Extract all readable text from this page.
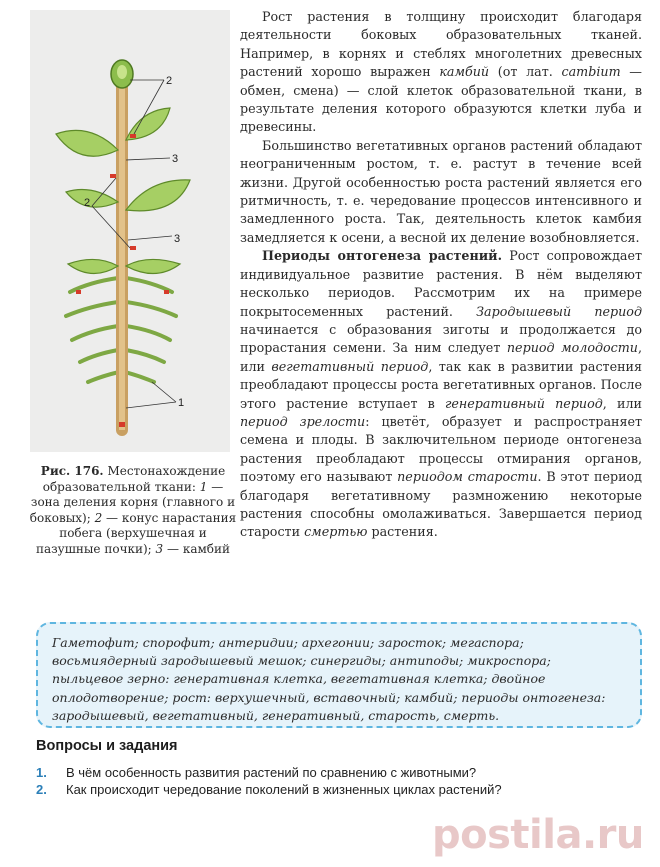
2
3
2
3
1
Рис. 176. Местонахождение образовательной ткани: 1 — зона деления корня (главного и боковых); 2 — конус нарастания побега (верхушечная и пазушные почки); 3 — камбий

Рост растения в толщину происходит благодаря деятельности боковых образовательных тканей. Например, в корнях и стеблях многолетних древесных растений хорошо выражен камбий (от лат. cambium — обмен, смена) — слой клеток образовательной ткани, в результате деления которого образуются клетки луба и древесины.

Большинство вегетативных органов растений обладают неограниченным ростом, т. е. растут в течение всей жизни. Другой особенностью роста растений является его ритмичность, т. е. чередование процессов интенсивного и замедленного роста. Так, деятельность клеток камбия замедляется к осени, а весной их деление возобновляется.

Периоды онтогенеза растений. Рост сопровождает индивидуальное развитие растения. В нём выделяют несколько периодов. Рассмотрим их на примере покрытосеменных растений. Зародышевый период начинается с образования зиготы и продолжается до прорастания семени. За ним следует период молодости, или вегетативный период, так как в развитии растения преобладают процессы роста вегетативных органов. После этого растение вступает в генеративный период, или период зрелости: цветёт, образует и распространяет семена и плоды. В заключительном периоде онтогенеза растения преобладают процессы отмирания органов, поэтому его называют периодом старости. В этот период благодаря вегетативному размножению некоторые растения способны омолаживаться. Завершается период старости смертью растения.

Гаметофит; спорофит; антеридии; архегонии; заросток; мегаспора; восьмиядерный зародышевый мешок; синергиды; антиподы; микроспора; пыльцевое зерно: генеративная клетка, вегетативная клетка; двойное оплодотворение; рост: верхушечный, вставочный; камбий; периоды онтогенеза: зародышевый, вегетативный, генеративный, старость, смерть.
Вопросы и задания
1.	В чём особенность развития растений по сравнению с животными?
2.	Как происходит чередование поколений в жизненных циклах растений?
postila.ru
